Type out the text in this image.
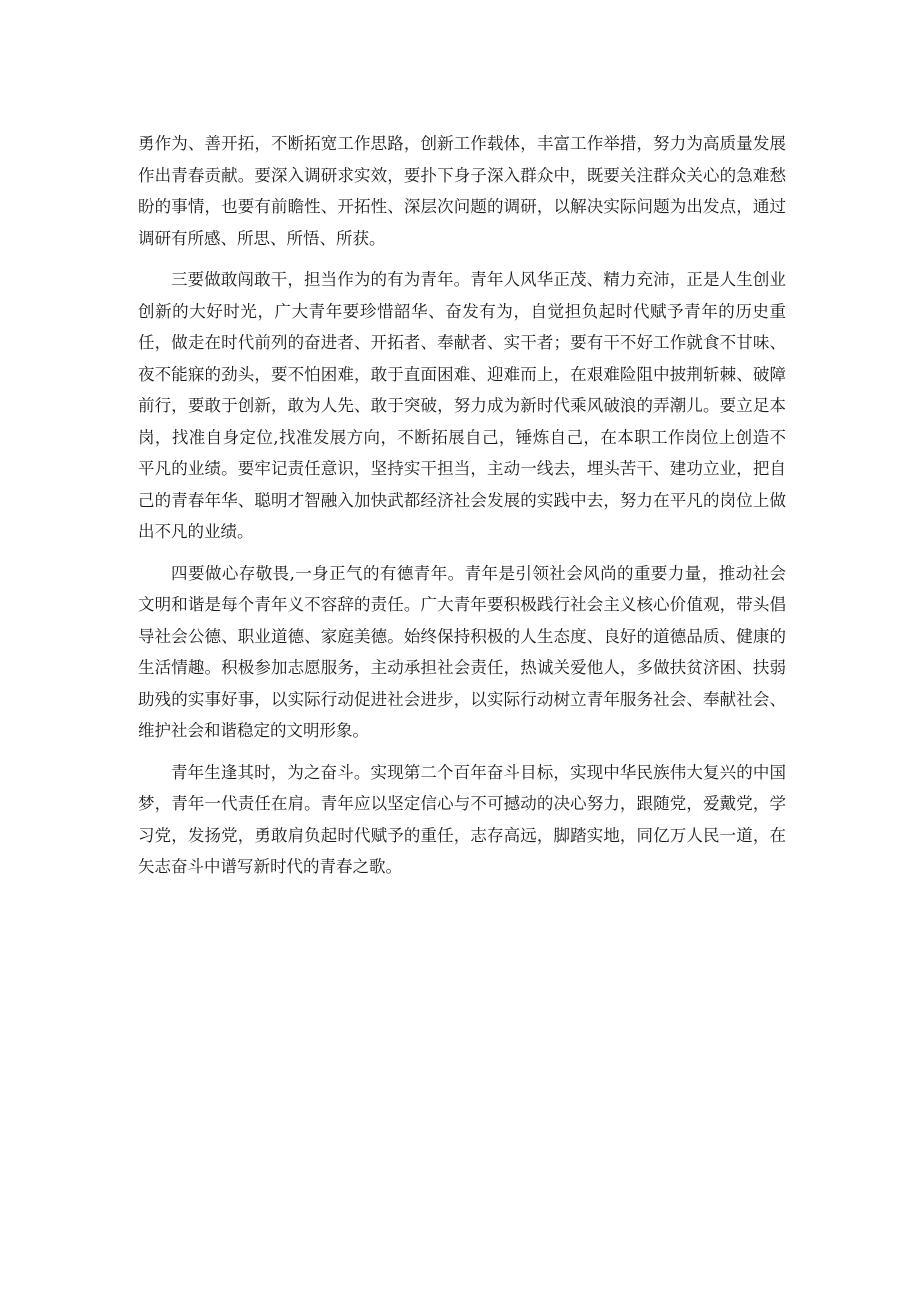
勇作为、善开拓，不断拓宽工作思路，创新工作载体，丰富工作举措，努力为高质量发展作出青春贡献。要深入调研求实效，要扑下身子深入群众中，既要关注群众关心的急难愁盼的事情，也要有前瞻性、开拓性、深层次问题的调研，以解决实际问题为出发点，通过调研有所感、所思、所悟、所获。

三要做敢闯敢干，担当作为的有为青年。青年人风华正茂、精力充沛，正是人生创业创新的大好时光，广大青年要珍惜韶华、奋发有为，自觉担负起时代赋予青年的历史重任，做走在时代前列的奋进者、开拓者、奉献者、实干者；要有干不好工作就食不甘味、夜不能寐的劲头，要不怕困难，敢于直面困难、迎难而上，在艰难险阻中披荆斩棘、破障前行，要敢于创新，敢为人先、敢于突破，努力成为新时代乘风破浪的弄潮儿。要立足本岗，找准自身定位,找准发展方向，不断拓展自己，锤炼自己，在本职工作岗位上创造不平凡的业绩。要牢记责任意识，坚持实干担当，主动一线去，埋头苦干、建功立业，把自己的青春年华、聪明才智融入加快武都经济社会发展的实践中去，努力在平凡的岗位上做出不凡的业绩。

四要做心存敬畏,一身正气的有德青年。青年是引领社会风尚的重要力量，推动社会文明和谐是每个青年义不容辞的责任。广大青年要积极践行社会主义核心价值观，带头倡导社会公德、职业道德、家庭美德。始终保持积极的人生态度、良好的道德品质、健康的生活情趣。积极参加志愿服务，主动承担社会责任，热诚关爱他人，多做扶贫济困、扶弱助残的实事好事，以实际行动促进社会进步，以实际行动树立青年服务社会、奉献社会、维护社会和谐稳定的文明形象。

青年生逢其时，为之奋斗。实现第二个百年奋斗目标，实现中华民族伟大复兴的中国梦，青年一代责任在肩。青年应以坚定信心与不可撼动的决心努力，跟随党，爱戴党，学习党，发扬党，勇敢肩负起时代赋予的重任，志存高远，脚踏实地，同亿万人民一道，在矢志奋斗中谱写新时代的青春之歌。
